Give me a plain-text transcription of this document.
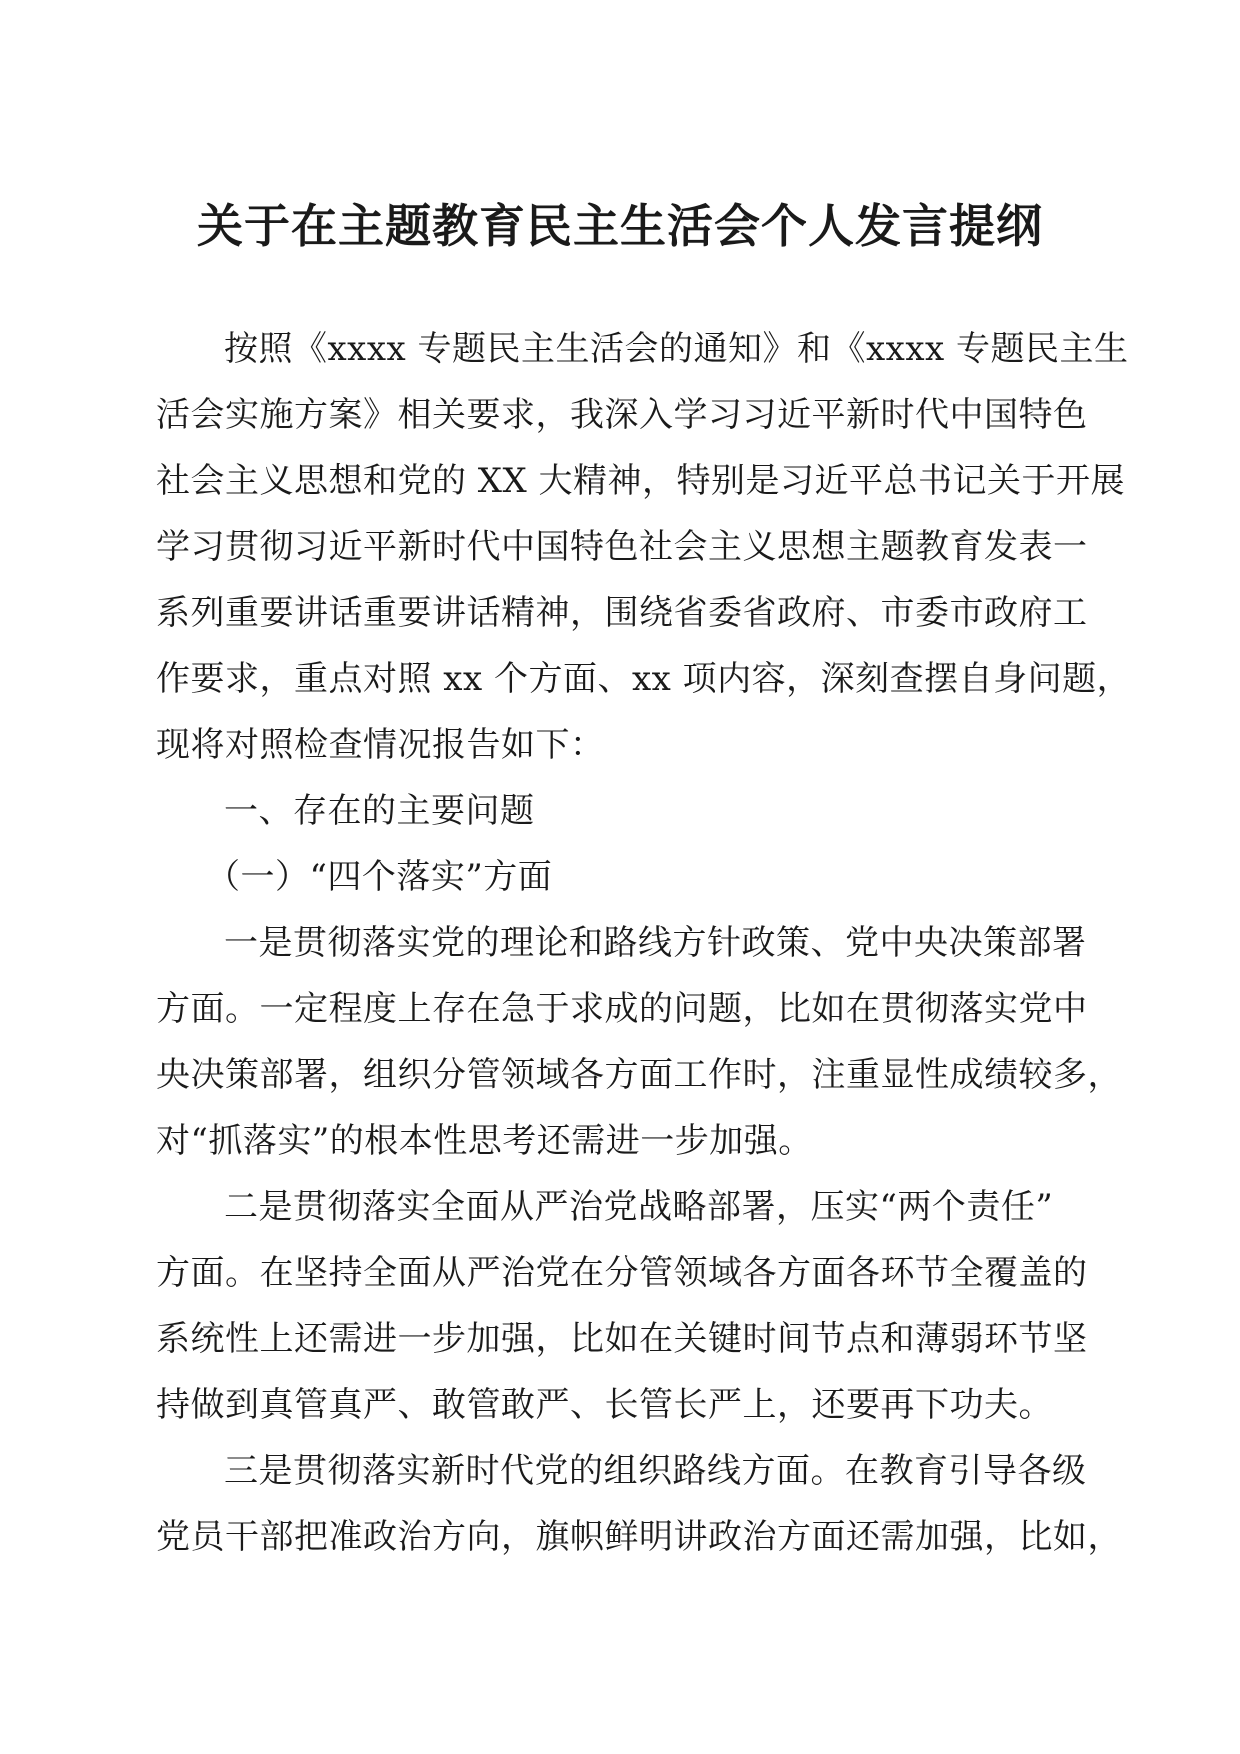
关于在主题教育民主生活会个人发言提纲
按照《xxxx 专题民主生活会的通知》和《xxxx 专题民主生
活会实施方案》相关要求，我深入学习习近平新时代中国特色
社会主义思想和党的 XX 大精神，特别是习近平总书记关于开展
学习贯彻习近平新时代中国特色社会主义思想主题教育发表一
系列重要讲话重要讲话精神，围绕省委省政府、市委市政府工
作要求，重点对照 xx 个方面、xx 项内容，深刻查摆自身问题，
现将对照检查情况报告如下：
一、存在的主要问题
（一）“四个落实”方面
一是贯彻落实党的理论和路线方针政策、党中央决策部署
方面。一定程度上存在急于求成的问题，比如在贯彻落实党中
央决策部署，组织分管领域各方面工作时，注重显性成绩较多，
对“抓落实”的根本性思考还需进一步加强。
二是贯彻落实全面从严治党战略部署，压实“两个责任”
方面。在坚持全面从严治党在分管领域各方面各环节全覆盖的
系统性上还需进一步加强，比如在关键时间节点和薄弱环节坚
持做到真管真严、敢管敢严、长管长严上，还要再下功夫。
三是贯彻落实新时代党的组织路线方面。在教育引导各级
党员干部把准政治方向，旗帜鲜明讲政治方面还需加强，比如，
